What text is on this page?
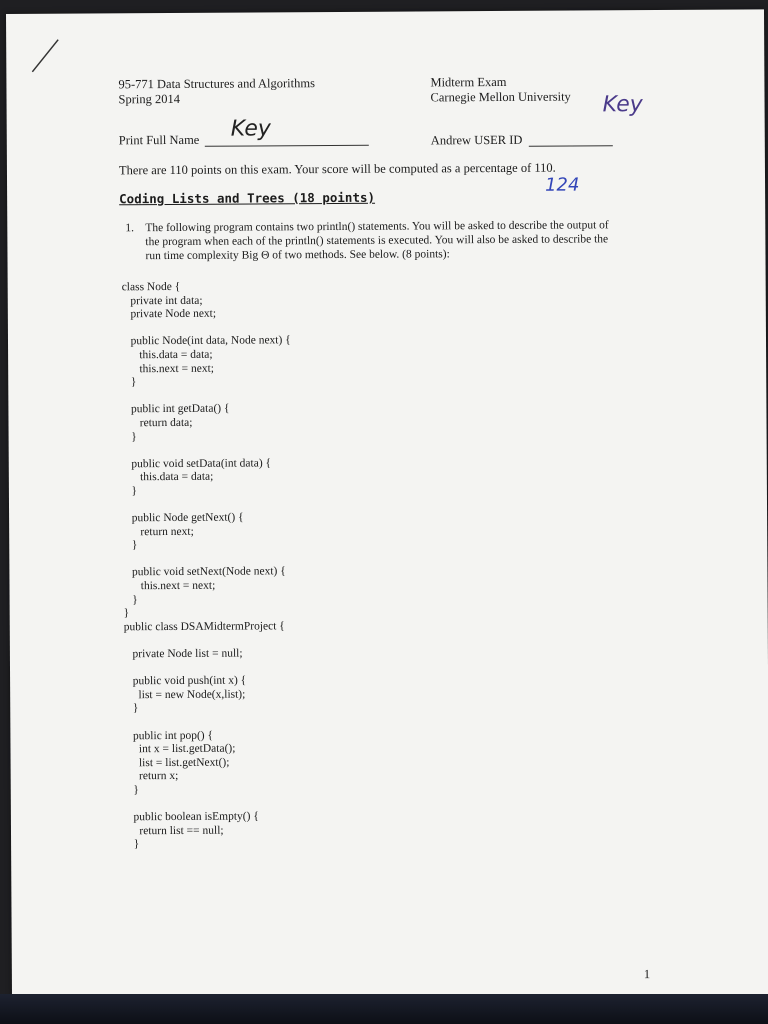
95-771 Data Structures and Algorithms
Spring 2014
Midterm Exam
Carnegie Mellon University Key
Print Full Name Key	Andrew USER ID
There are 110 points on this exam. Your score will be computed as a percentage of 110.
124
Coding Lists and Trees (18 points)
1. The following program contains two println() statements. You will be asked to describe the output of
the program when each of the println() statements is executed. You will also be asked to describe the
run time complexity Big Θ of two methods. See below. (8 points):
class Node {
private int data;
private Node next;
public Node(int data, Node next) {
this.data = data;
this.next = next;
}
public int getData() {
return data;
}
public void setData(int data) {
this.data = data;
}
public Node getNext() {
return next;
}
public void setNext(Node next) {
this.next = next;
}
}
public class DSAMidtermProject {
private Node list = null;
public void push(int x) {
list = new Node(x,list);
}
public int pop() {
int x = list.getData();
list = list.getNext();
return x;
}
public boolean isEmpty() {
return list == null;
}
1
